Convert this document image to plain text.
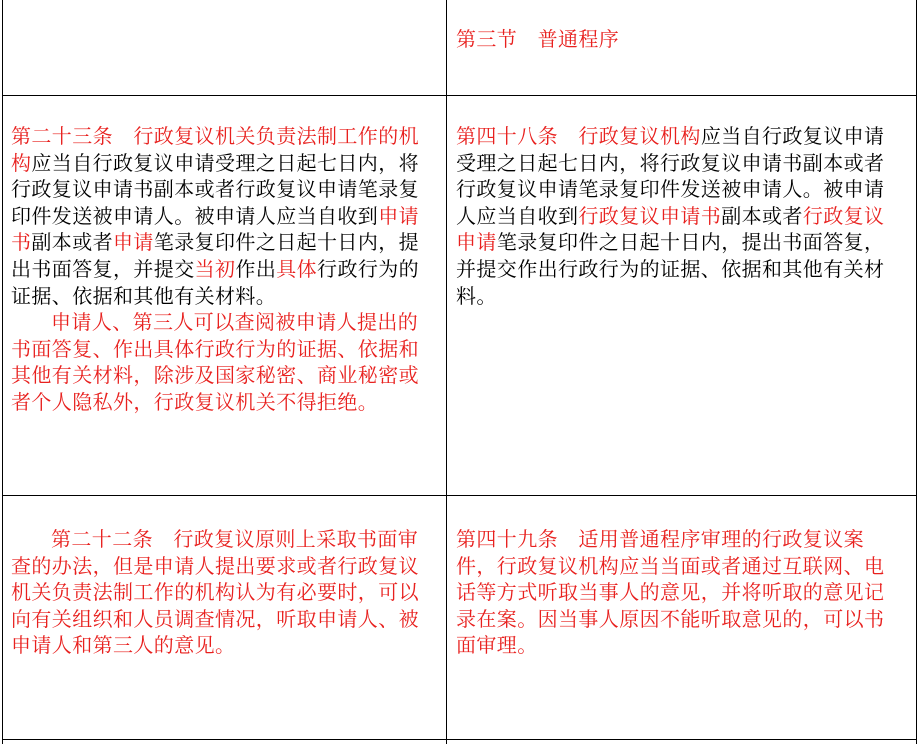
第三节　普通程序

第二十三条　行政复议机关负责法制工作的机构应当自行政复议申请受理之日起七日内，将行政复议申请书副本或者行政复议申请笔录复印件发送被申请人。被申请人应当自收到申请书副本或者申请笔录复印件之日起十日内，提出书面答复，并提交当初作出具体行政行为的证据、依据和其他有关材料。

申请人、第三人可以查阅被申请人提出的书面答复、作出具体行政行为的证据、依据和其他有关材料，除涉及国家秘密、商业秘密或者个人隐私外，行政复议机关不得拒绝。

第四十八条　行政复议机构应当自行政复议申请受理之日起七日内，将行政复议申请书副本或者行政复议申请笔录复印件发送被申请人。被申请人应当自收到行政复议申请书副本或者行政复议申请笔录复印件之日起十日内，提出书面答复，并提交作出行政行为的证据、依据和其他有关材料。

第二十二条　行政复议原则上采取书面审查的办法，但是申请人提出要求或者行政复议机关负责法制工作的机构认为有必要时，可以向有关组织和人员调查情况，听取申请人、被申请人和第三人的意见。

第四十九条　适用普通程序审理的行政复议案件，行政复议机构应当当面或者通过互联网、电话等方式听取当事人的意见，并将听取的意见记录在案。因当事人原因不能听取意见的，可以书面审理。
